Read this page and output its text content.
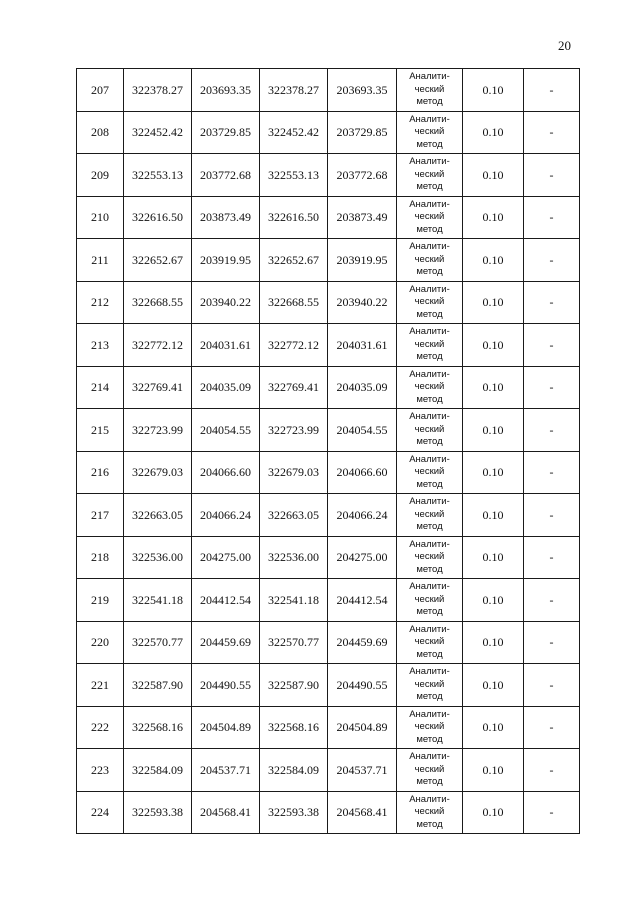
20
207	322378.27	203693.35	322378.27	203693.35	Аналити-
ческий
метод	0.10	-
208	322452.42	203729.85	322452.42	203729.85	Аналити-
ческий
метод	0.10	-
209	322553.13	203772.68	322553.13	203772.68	Аналити-
ческий
метод	0.10	-
210	322616.50	203873.49	322616.50	203873.49	Аналити-
ческий
метод	0.10	-
211	322652.67	203919.95	322652.67	203919.95	Аналити-
ческий
метод	0.10	-
212	322668.55	203940.22	322668.55	203940.22	Аналити-
ческий
метод	0.10	-
213	322772.12	204031.61	322772.12	204031.61	Аналити-
ческий
метод	0.10	-
214	322769.41	204035.09	322769.41	204035.09	Аналити-
ческий
метод	0.10	-
215	322723.99	204054.55	322723.99	204054.55	Аналити-
ческий
метод	0.10	-
216	322679.03	204066.60	322679.03	204066.60	Аналити-
ческий
метод	0.10	-
217	322663.05	204066.24	322663.05	204066.24	Аналити-
ческий
метод	0.10	-
218	322536.00	204275.00	322536.00	204275.00	Аналити-
ческий
метод	0.10	-
219	322541.18	204412.54	322541.18	204412.54	Аналити-
ческий
метод	0.10	-
220	322570.77	204459.69	322570.77	204459.69	Аналити-
ческий
метод	0.10	-
221	322587.90	204490.55	322587.90	204490.55	Аналити-
ческий
метод	0.10	-
222	322568.16	204504.89	322568.16	204504.89	Аналити-
ческий
метод	0.10	-
223	322584.09	204537.71	322584.09	204537.71	Аналити-
ческий
метод	0.10	-
224	322593.38	204568.41	322593.38	204568.41	Аналити-
ческий
метод	0.10	-
